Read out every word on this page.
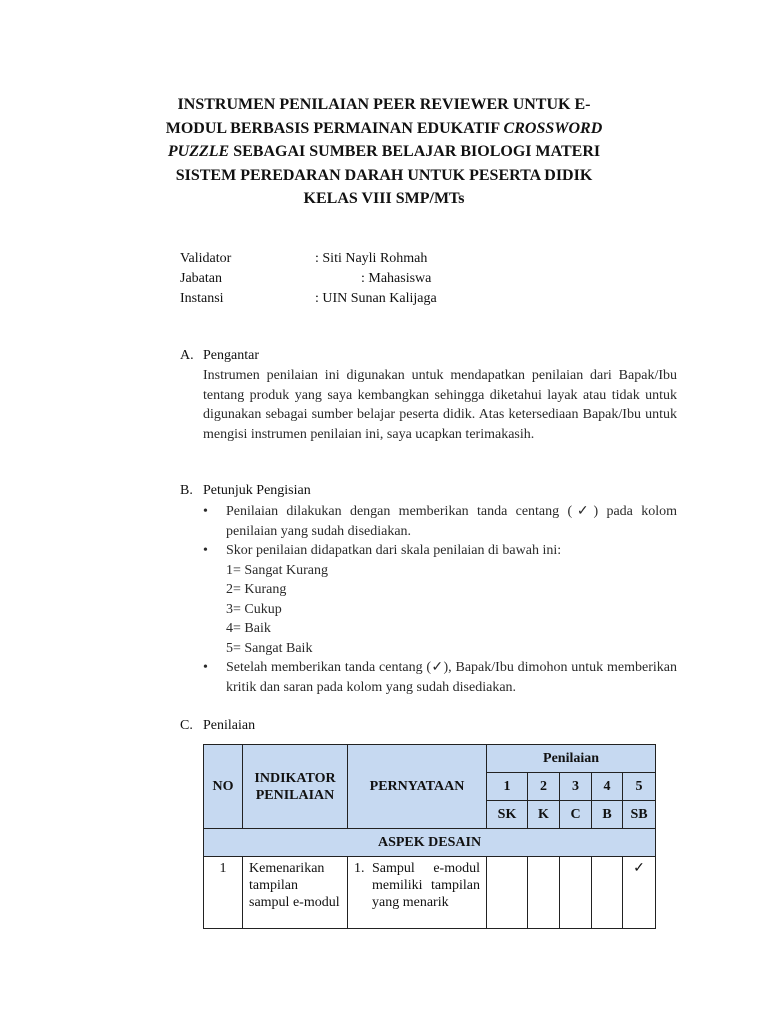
INSTRUMEN PENILAIAN PEER REVIEWER UNTUK E-
MODUL BERBASIS PERMAINAN EDUKATIF CROSSWORD
PUZZLE SEBAGAI SUMBER BELAJAR BIOLOGI MATERI
SISTEM PEREDARAN DARAH UNTUK PESERTA DIDIK
KELAS VIII SMP/MTs
Validator	: Siti Nayli Rohmah
Jabatan	: Mahasiswa
Instansi	: UIN Sunan Kalijaga
A. Pengantar
Instrumen penilaian ini digunakan untuk mendapatkan penilaian dari Bapak/Ibu tentang produk yang saya kembangkan sehingga diketahui layak atau tidak untuk digunakan sebagai sumber belajar peserta didik. Atas ketersediaan Bapak/Ibu untuk mengisi instrumen penilaian ini, saya ucapkan terimakasih.
B. Petunjuk Pengisian
•	Penilaian dilakukan dengan memberikan tanda centang (✓) pada kolom penilaian yang sudah disediakan.
•	Skor penilaian didapatkan dari skala penilaian di bawah ini:
1= Sangat Kurang
2= Kurang
3= Cukup
4= Baik
5= Sangat Baik
•	Setelah memberikan tanda centang (✓), Bapak/Ibu dimohon untuk memberikan kritik dan saran pada kolom yang sudah disediakan.
C. Penilaian
NO	INDIKATOR PENILAIAN	PERNYATAAN	Penilaian				
			1	2	3	4	5
			SK	K	C	B	SB
ASPEK DESAIN							
1	Kemenarikan tampilan sampul e-modul	1. Sampul e-modul memiliki tampilan yang menarik					✓
